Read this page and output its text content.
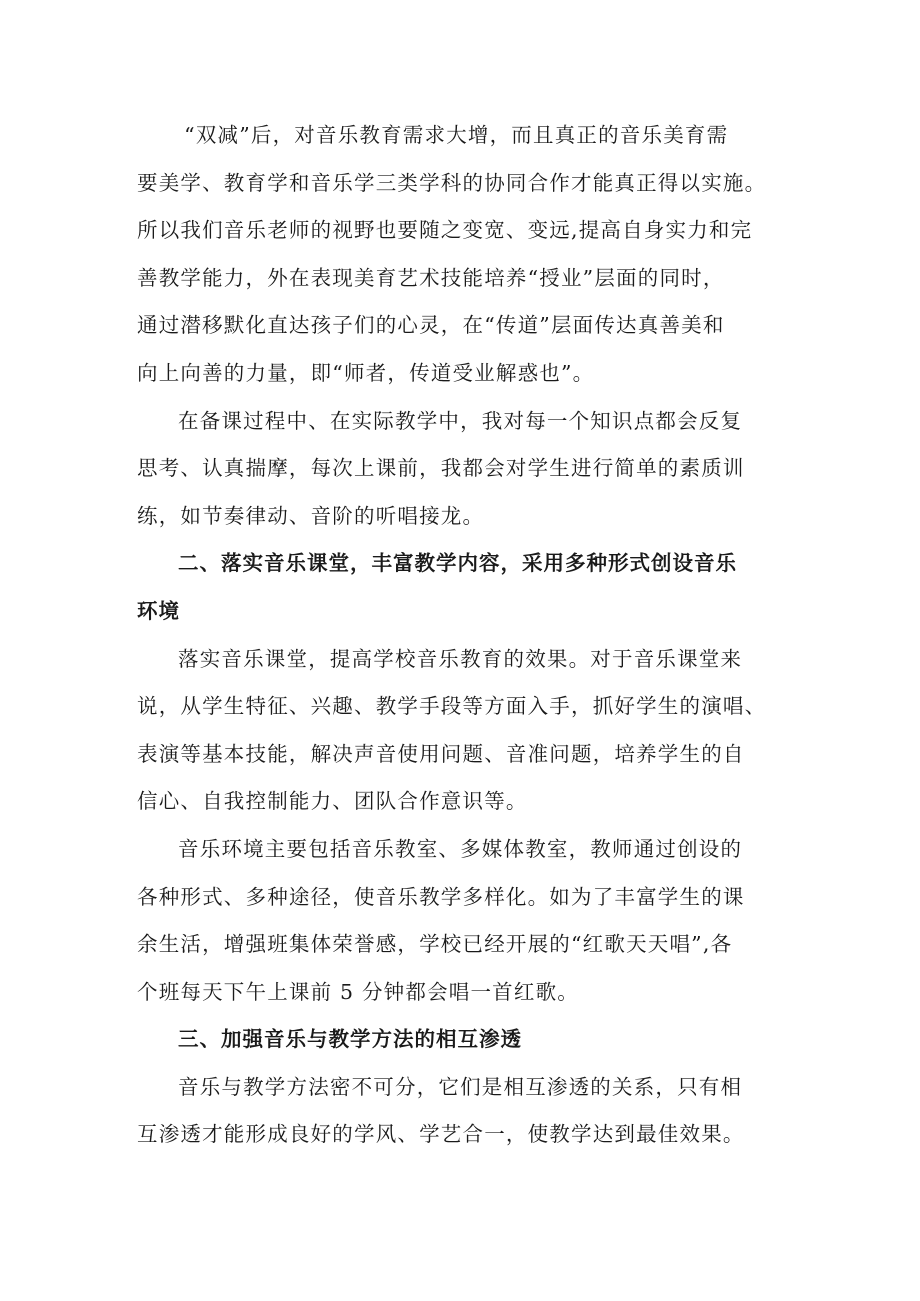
“双减”后，对音乐教育需求大增，而且真正的音乐美育需
要美学、教育学和音乐学三类学科的协同合作才能真正得以实施。
所以我们音乐老师的视野也要随之变宽、变远,提高自身实力和完
善教学能力，外在表现美育艺术技能培养“授业”层面的同时，
通过潜移默化直达孩子们的心灵，在“传道”层面传达真善美和
向上向善的力量，即“师者，传道受业解惑也”。

在备课过程中、在实际教学中，我对每一个知识点都会反复
思考、认真揣摩，每次上课前，我都会对学生进行简单的素质训
练，如节奏律动、音阶的听唱接龙。

二、落实音乐课堂，丰富教学内容，采用多种形式创设音乐
环境

落实音乐课堂，提高学校音乐教育的效果。对于音乐课堂来
说，从学生特征、兴趣、教学手段等方面入手，抓好学生的演唱、
表演等基本技能，解决声音使用问题、音准问题，培养学生的自
信心、自我控制能力、团队合作意识等。

音乐环境主要包括音乐教室、多媒体教室，教师通过创设的
各种形式、多种途径，使音乐教学多样化。如为了丰富学生的课
余生活，增强班集体荣誉感，学校已经开展的“红歌天天唱”,各
个班每天下午上课前 5 分钟都会唱一首红歌。

三、加强音乐与教学方法的相互渗透

音乐与教学方法密不可分，它们是相互渗透的关系，只有相
互渗透才能形成良好的学风、学艺合一，使教学达到最佳效果。
